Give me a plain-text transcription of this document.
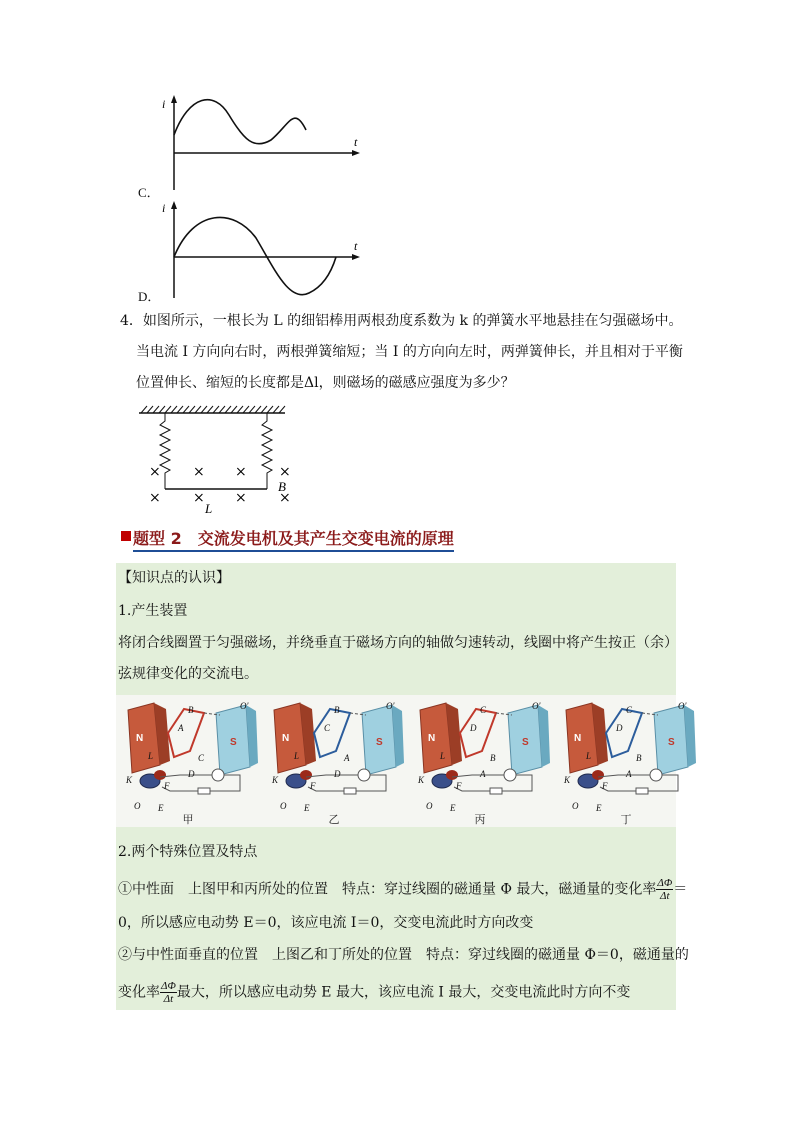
i
t
C．
i
t
D．
4．如图所示，一根长为 L 的细铝棒用两根劲度系数为 k 的弹簧水平地悬挂在匀强磁场中。
当电流 I 方向向右时，两根弹簧缩短；当 I 的方向向左时，两弹簧伸长，并且相对于平衡
位置伸长、缩短的长度都是Δl，则磁场的磁感应强度为多少？
× × × ×
× × × ×
B
L
题型 2　交流发电机及其产生交变电流的原理
【知识点的认识】
1.产生装置
将闭合线圈置于匀强磁场，并绕垂直于磁场方向的轴做匀速转动，线圈中将产生按正（余）
弦规律变化的交流电。
N	S
B	O'
A
L	C
K
D
F
O E
甲
N	S
B	O'
C
L	A
K
D
F
O E
乙
N	S
C	O'
D
L	B
K
A
F
O E
丙
N	S
C	O'
D
L	B
K
A
F
O E
丁
2.两个特殊位置及特点
①中性面　上图甲和丙所处的位置　特点：穿过线圈的磁通量 Φ 最大，磁通量的变化率 $\frac{\Delta\Phi}{\Delta t}$ ＝
0，所以感应电动势 E＝0，该应电流 I＝0，交变电流此时方向改变
②与中性面垂直的位置　上图乙和丁所处的位置　特点：穿过线圈的磁通量 Φ＝0，磁通量的
变化率 $\frac{\Delta\Phi}{\Delta t}$ 最大，所以感应电动势 E 最大，该应电流 I 最大，交变电流此时方向不变
